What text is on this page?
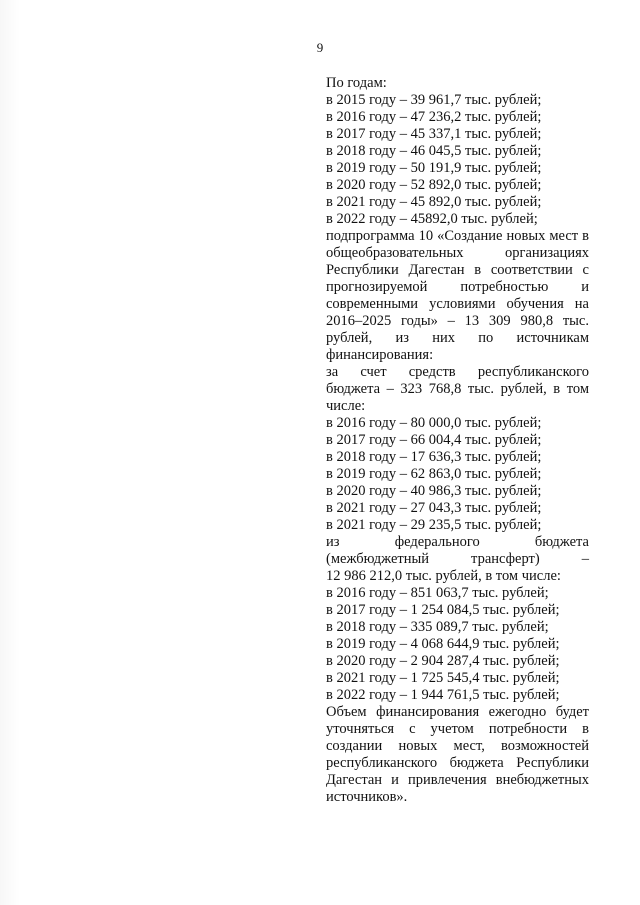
9
По годам:
в 2015 году – 39 961,7 тыс. рублей;
в 2016 году – 47 236,2 тыс. рублей;
в 2017 году – 45 337,1 тыс. рублей;
в 2018 году – 46 045,5 тыс. рублей;
в 2019 году – 50 191,9 тыс. рублей;
в 2020 году – 52 892,0 тыс. рублей;
в 2021 году – 45 892,0 тыс. рублей;
в 2022 году – 45892,0 тыс. рублей;
подпрограмма 10 «Создание новых мест в общеобразовательных организациях Республики Дагестан в соответствии с прогнозируемой потребностью и современными условиями обучения на 2016–2025 годы» – 13 309 980,8 тыс. рублей, из них по источникам финансирования:
за счет средств республиканского бюджета – 323 768,8 тыс. рублей, в том числе:
в 2016 году – 80 000,0 тыс. рублей;
в 2017 году – 66 004,4 тыс. рублей;
в 2018 году – 17 636,3 тыс. рублей;
в 2019 году – 62 863,0 тыс. рублей;
в 2020 году – 40 986,3 тыс. рублей;
в 2021 году – 27 043,3 тыс. рублей;
в 2021 году – 29 235,5 тыс. рублей;
из федерального бюджета (межбюджетный трансферт) –
12 986 212,0 тыс. рублей, в том числе:
в 2016 году – 851 063,7 тыс. рублей;
в 2017 году – 1 254 084,5 тыс. рублей;
в 2018 году – 335 089,7 тыс. рублей;
в 2019 году – 4 068 644,9 тыс. рублей;
в 2020 году – 2 904 287,4 тыс. рублей;
в 2021 году – 1 725 545,4 тыс. рублей;
в 2022 году – 1 944 761,5 тыс. рублей;
Объем финансирования ежегодно будет уточняться с учетом потребности в создании новых мест, возможностей республиканского бюджета Республики Дагестан и привлечения внебюджетных источников».
